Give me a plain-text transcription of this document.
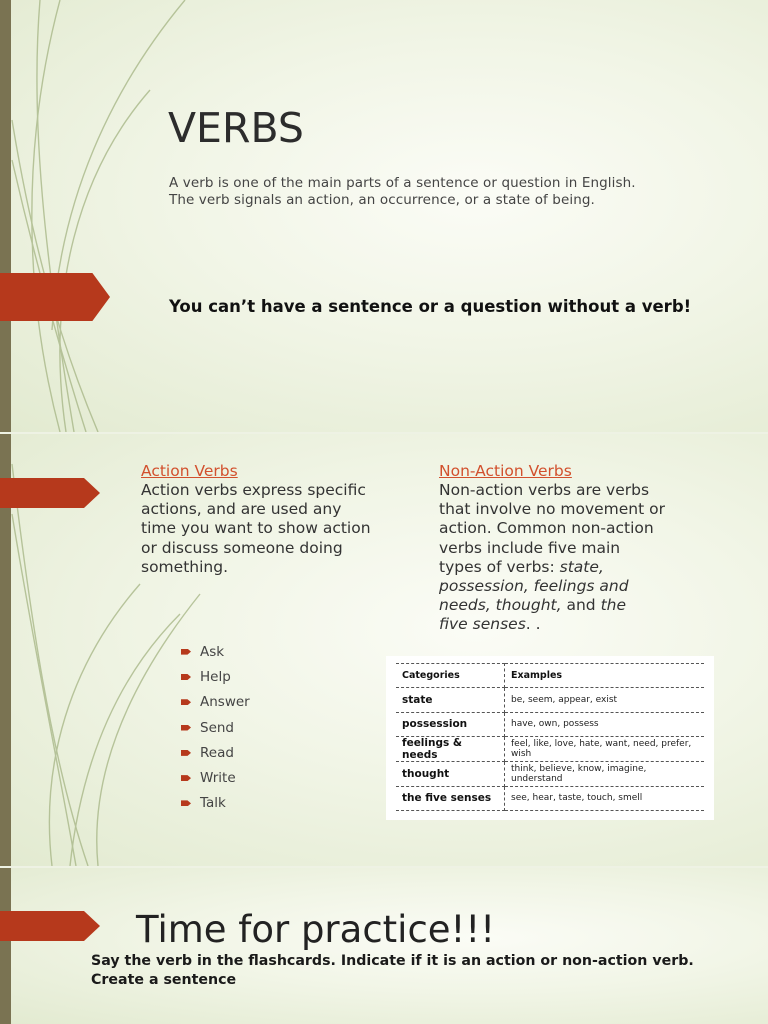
VERBS
A verb is one of the main parts of a sentence or question in English.
The verb signals an action, an occurrence, or a state of being.
You can’t have a sentence or a question without a verb!
Action Verbs
Action verbs express specific
actions, and are used any
time you want to show action
or discuss someone doing
something.
Non-Action Verbs
Non-action verbs are verbs
that involve no movement or
action. Common non-action
verbs include five main
types of verbs: state,
possession, feelings and
needs, thought, and the
five senses. .
Ask
Help
Answer
Send
Read
Write
Talk
Categories	Examples
state	be, seem, appear, exist
possession	have, own, possess
feelings & needs	feel, like, love, hate, want, need, prefer, wish
thought	think, believe, know, imagine, understand
the five senses	see, hear, taste, touch, smell
Time for practice!!!
Say the verb in the flashcards. Indicate if it is an action or non-action verb.
Create a sentence
